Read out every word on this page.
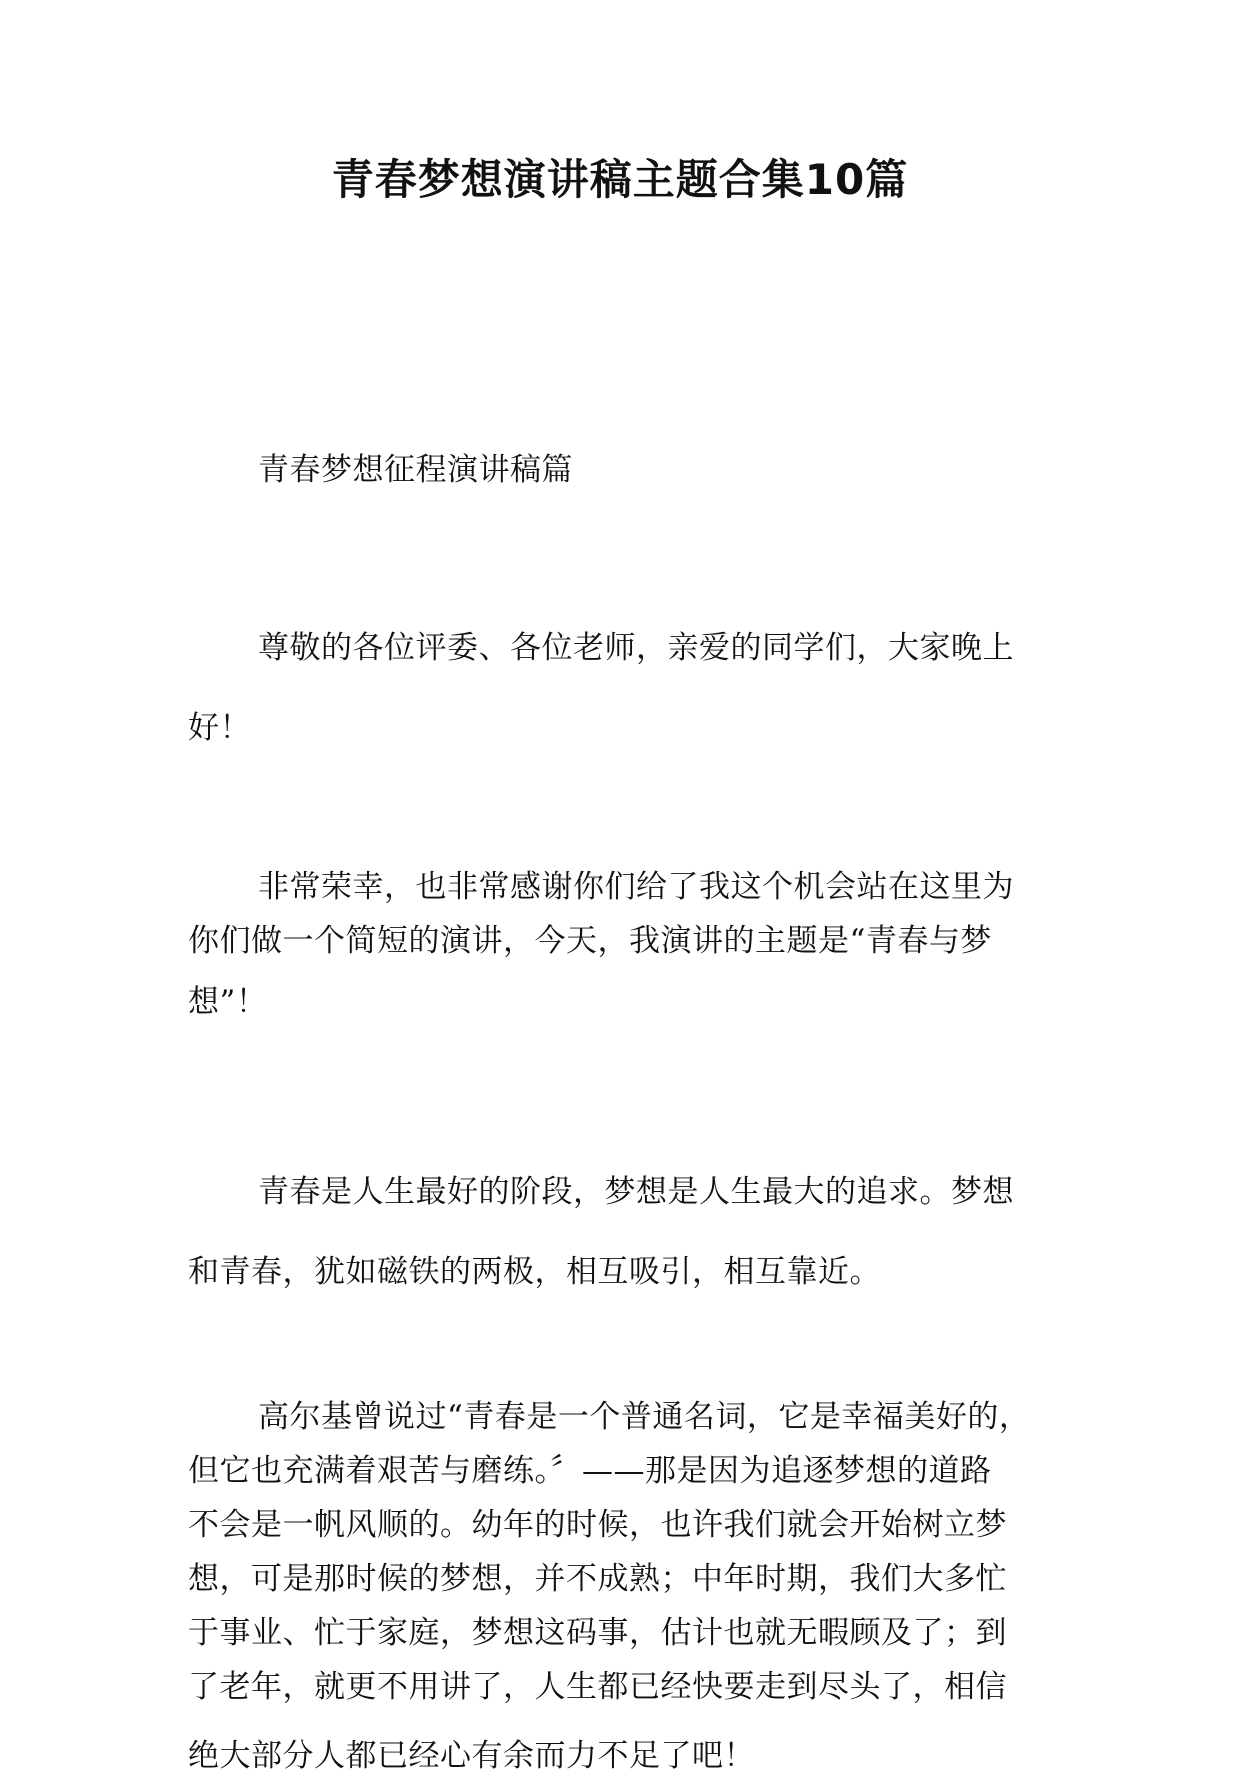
青春梦想演讲稿主题合集10篇

青春梦想征程演讲稿篇

尊敬的各位评委、各位老师，亲爱的同学们，大家晚上
好！

非常荣幸，也非常感谢你们给了我这个机会站在这里为
你们做一个简短的演讲，今天，我演讲的主题是“青春与梦
想”！

青春是人生最好的阶段，梦想是人生最大的追求。梦想
和青春，犹如磁铁的两极，相互吸引，相互靠近。

高尔基曾说过“青春是一个普通名词，它是幸福美好的，
但它也充满着艰苦与磨练。〞——那是因为追逐梦想的道路
不会是一帆风顺的。幼年的时候，也许我们就会开始树立梦
想，可是那时候的梦想，并不成熟；中年时期，我们大多忙
于事业、忙于家庭，梦想这码事，估计也就无暇顾及了；到
了老年，就更不用讲了，人生都已经快要走到尽头了，相信
绝大部分人都已经心有余而力不足了吧！
